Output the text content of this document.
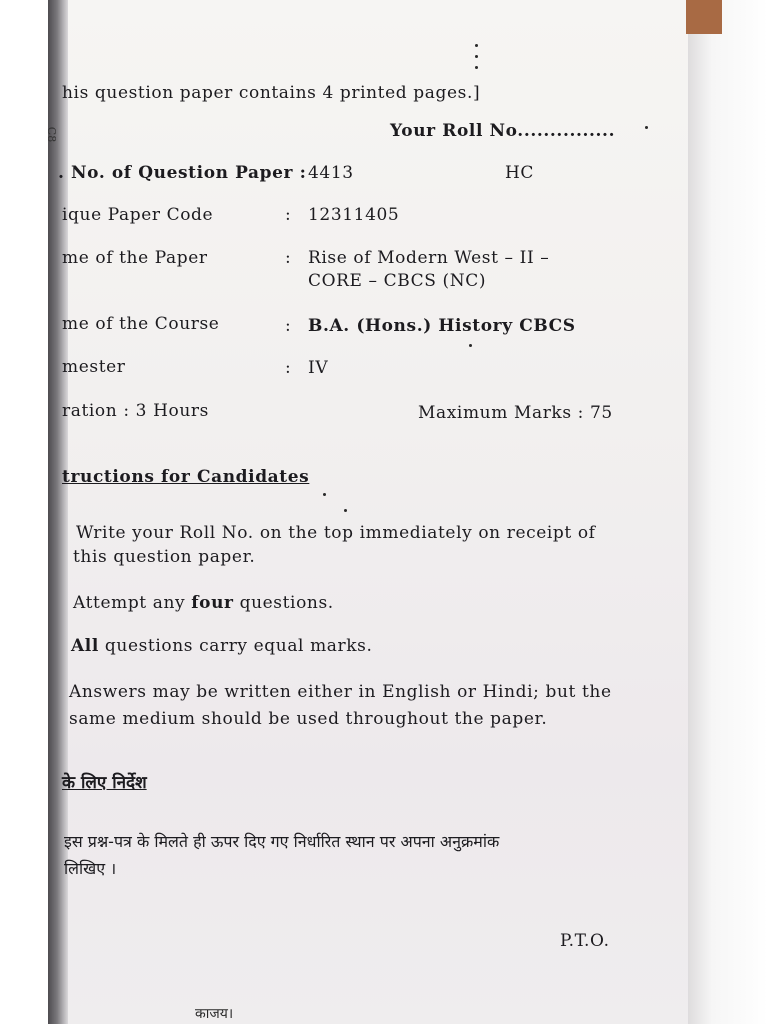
C8
his question paper contains 4 printed pages.]
Your Roll No...............
. No. of Question Paper : 4413	HC
ique Paper Code	: 12311405
me of the Paper	: Rise of Modern West – II –
CORE – CBCS (NC)
me of the Course	: B.A. (Hons.) History CBCS
mester	: IV
ration : 3 Hours	Maximum Marks : 75
tructions for Candidates
Write your Roll No. on the top immediately on receipt of
this question paper.
Attempt any four questions.
All questions carry equal marks.
Answers may be written either in English or Hindi; but the
same medium should be used throughout the paper.
के लिए निर्देश
इस प्रश्न-पत्र के मिलते ही ऊपर दिए गए निर्धारित स्थान पर अपना अनुक्रमांक
लिखिए ।
P.T.O.
काजय।
